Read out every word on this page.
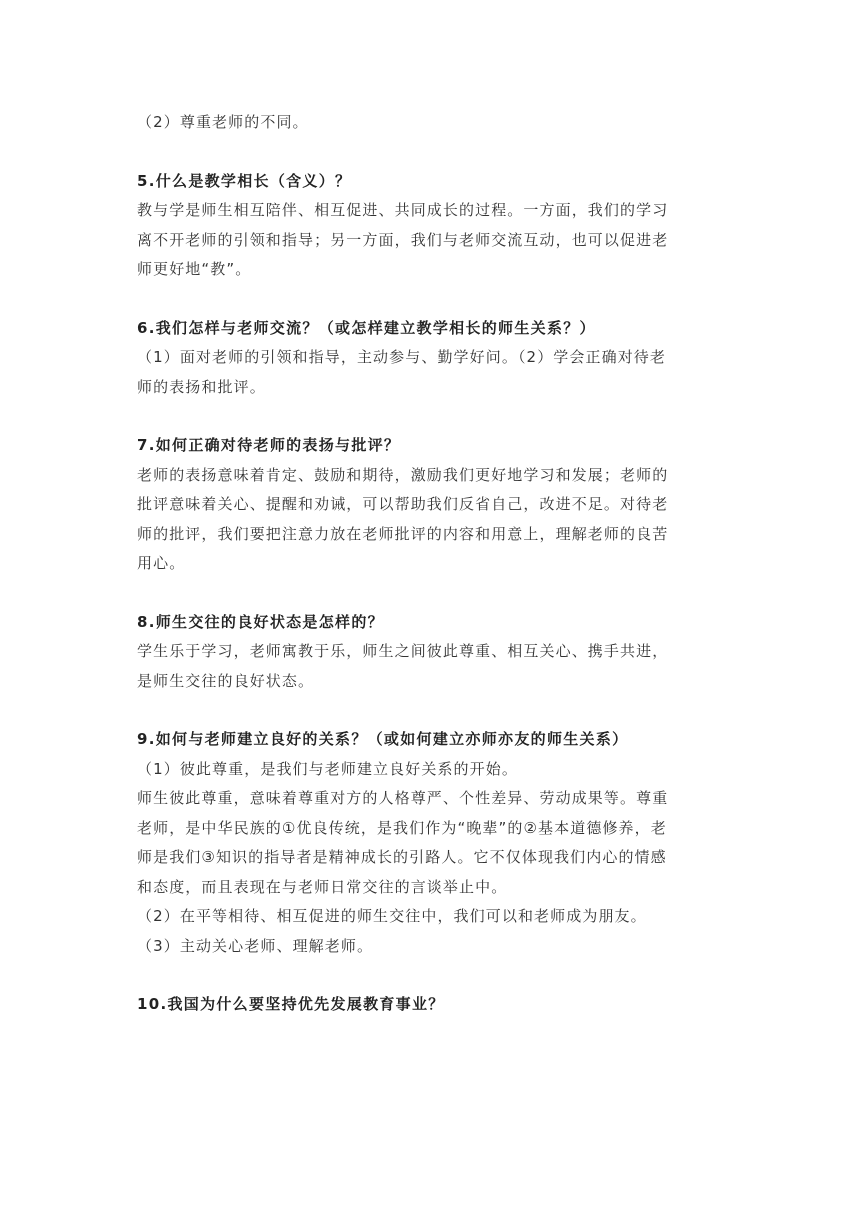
（2）尊重老师的不同。
5.什么是教学相长（含义）？
教与学是师生相互陪伴、相互促进、共同成长的过程。一方面，我们的学习
离不开老师的引领和指导；另一方面，我们与老师交流互动，也可以促进老
师更好地“教”。
6.我们怎样与老师交流？（或怎样建立教学相长的师生关系？）
（1）面对老师的引领和指导，主动参与、勤学好问。（2）学会正确对待老
师的表扬和批评。
7.如何正确对待老师的表扬与批评？
老师的表扬意味着肯定、鼓励和期待，激励我们更好地学习和发展；老师的
批评意味着关心、提醒和劝诫，可以帮助我们反省自己，改进不足。对待老
师的批评，我们要把注意力放在老师批评的内容和用意上，理解老师的良苦
用心。
8.师生交往的良好状态是怎样的？
学生乐于学习，老师寓教于乐，师生之间彼此尊重、相互关心、携手共进，
是师生交往的良好状态。
9.如何与老师建立良好的关系？（或如何建立亦师亦友的师生关系）
（1）彼此尊重，是我们与老师建立良好关系的开始。
师生彼此尊重，意味着尊重对方的人格尊严、个性差异、劳动成果等。尊重
老师，是中华民族的①优良传统，是我们作为“晚辈”的②基本道德修养，老
师是我们③知识的指导者是精神成长的引路人。它不仅体现我们内心的情感
和态度，而且表现在与老师日常交往的言谈举止中。
（2）在平等相待、相互促进的师生交往中，我们可以和老师成为朋友。
（3）主动关心老师、理解老师。
10.我国为什么要坚持优先发展教育事业？
